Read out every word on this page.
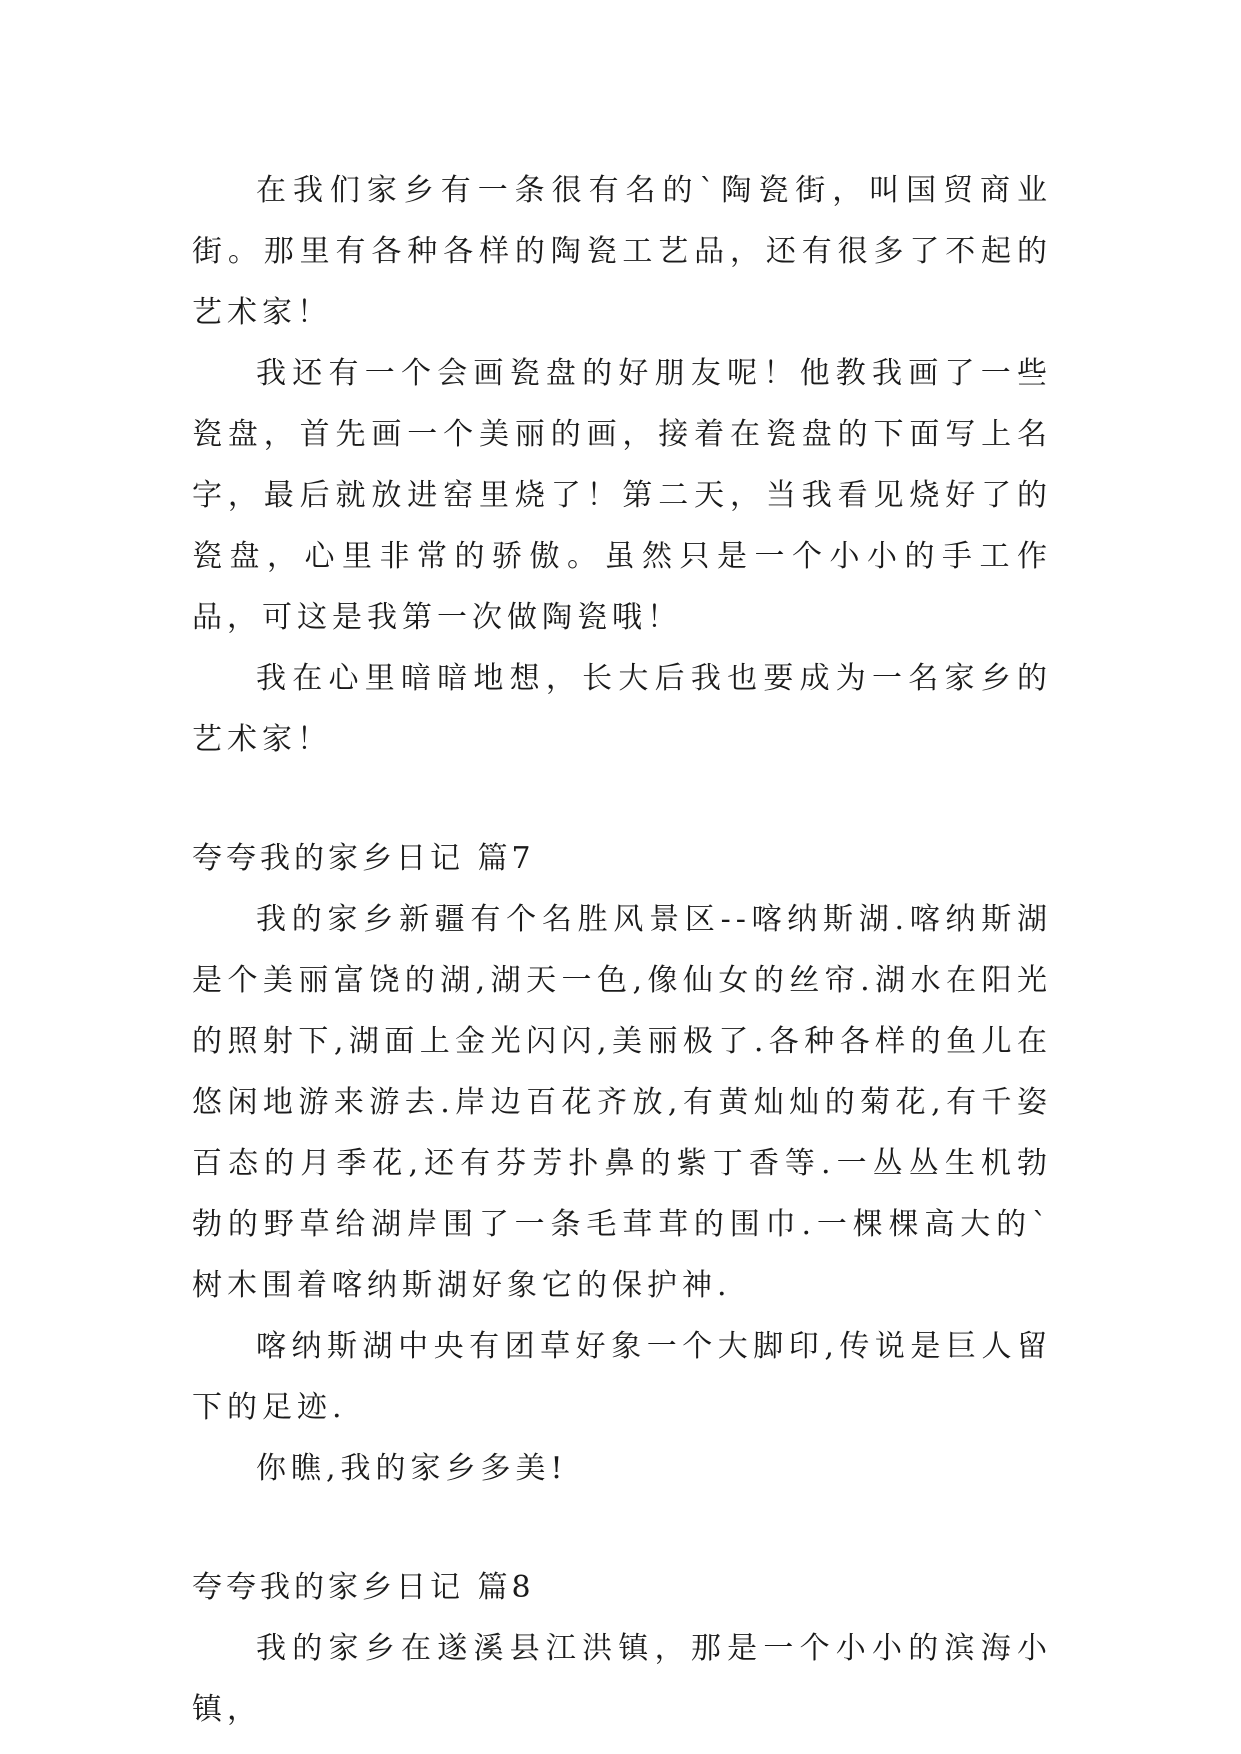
在我们家乡有一条很有名的`陶瓷街，叫国贸商业街。那里有各种各样的陶瓷工艺品，还有很多了不起的艺术家！

我还有一个会画瓷盘的好朋友呢！他教我画了一些瓷盘，首先画一个美丽的画，接着在瓷盘的下面写上名字，最后就放进窑里烧了！第二天，当我看见烧好了的瓷盘，心里非常的骄傲。虽然只是一个小小的手工作品，可这是我第一次做陶瓷哦！

我在心里暗暗地想，长大后我也要成为一名家乡的艺术家！

夸夸我的家乡日记 篇7

我的家乡新疆有个名胜风景区--喀纳斯湖.喀纳斯湖是个美丽富饶的湖,湖天一色,像仙女的丝帘.湖水在阳光的照射下,湖面上金光闪闪,美丽极了.各种各样的鱼儿在悠闲地游来游去.岸边百花齐放,有黄灿灿的菊花,有千姿百态的月季花,还有芬芳扑鼻的紫丁香等.一丛丛生机勃勃的野草给湖岸围了一条毛茸茸的围巾.一棵棵高大的`树木围着喀纳斯湖好象它的保护神.

喀纳斯湖中央有团草好象一个大脚印,传说是巨人留下的足迹.

你瞧,我的家乡多美!

夸夸我的家乡日记 篇8

我的家乡在遂溪县江洪镇，那是一个小小的滨海小镇，
